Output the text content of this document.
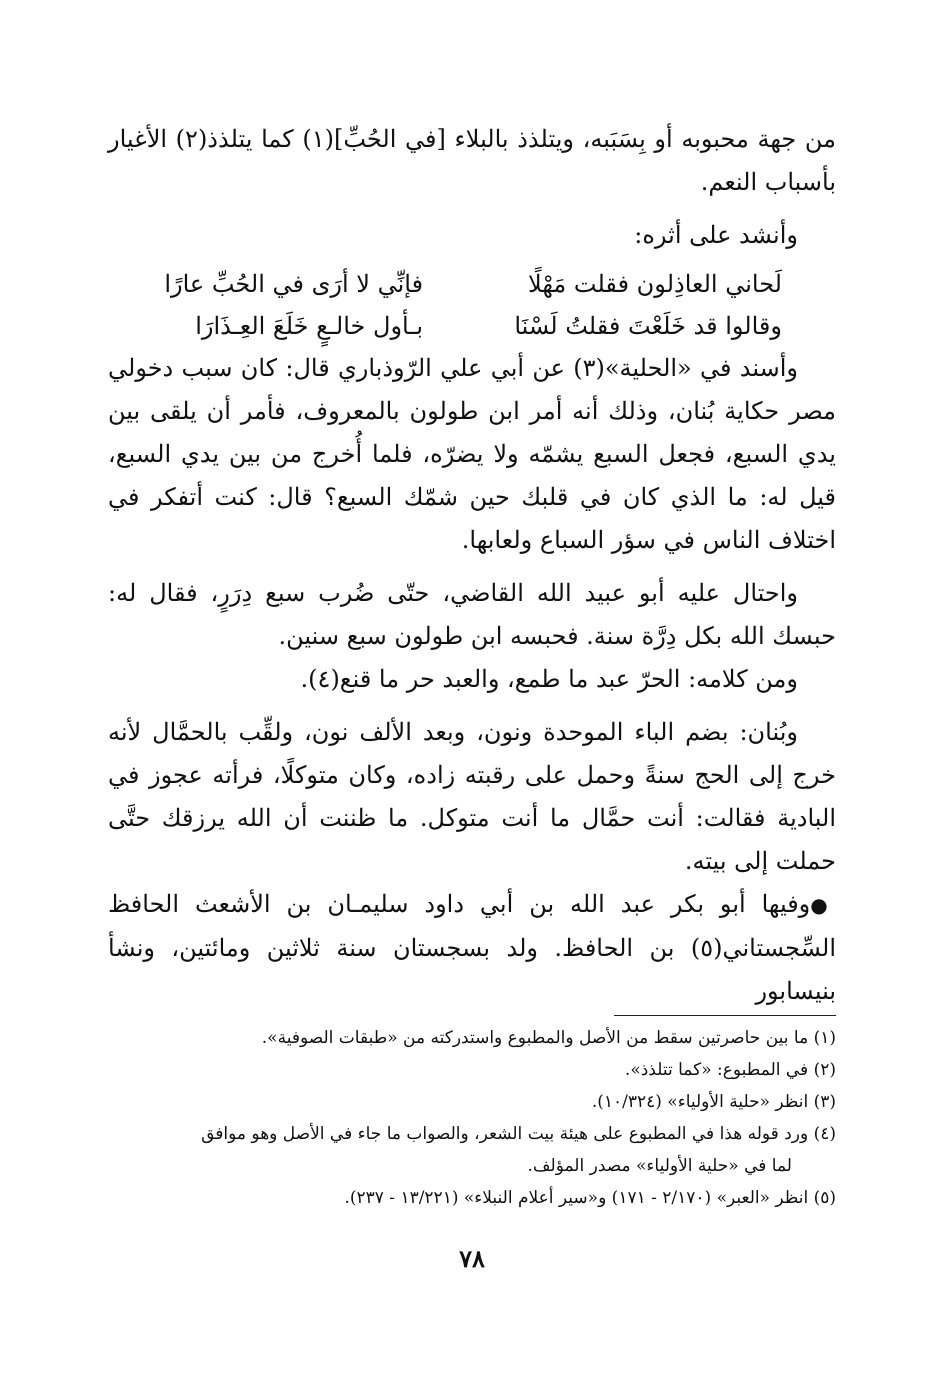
من جهة محبوبه أو بِسَبَبه، ويتلذذ بالبلاء [في الحُبِّ](١) كما يتلذذ(٢) الأغيار بأسباب النعم.

وأنشد على أثره:

لَحاني العاذِلون فقلت مَهْلًا
فإنِّي لا أرَى في الحُبِّ عارًا
وقالوا قد خَلَعْتَ فقلتُ لَسْنَا
بـأول خالـعٍ خَلَعَ العِـذَارَا

وأسند في «الحلية»(٣) عن أبي علي الرّوذباري قال: كان سبب دخولي مصر حكاية بُنان، وذلك أنه أمر ابن طولون بالمعروف، فأمر أن يلقى بين يدي السبع، فجعل السبع يشمّه ولا يضرّه، فلما أُخرج من بين يدي السبع، قيل له: ما الذي كان في قلبك حين شمّك السبع؟ قال: كنت أتفكر في اختلاف الناس في سؤر السباع ولعابها.

واحتال عليه أبو عبيد الله القاضي، حتّى ضُرب سبع دِرَرٍ، فقال له: حبسك الله بكل دِرَّة سنة. فحبسه ابن طولون سبع سنين.

ومن كلامه: الحرّ عبد ما طمع، والعبد حر ما قنع(٤).

وبُنان: بضم الباء الموحدة ونون، وبعد الألف نون، ولقِّب بالحمَّال لأنه خرج إلى الحج سنةً وحمل على رقبته زاده، وكان متوكلًا، فرأته عجوز في البادية فقالت: أنت حمَّال ما أنت متوكل. ما ظننت أن الله يرزقك حتَّى حملت إلى بيته.

●وفيها أبو بكر عبد الله بن أبي داود سليمـان بن الأشعث الحافظ السِّجستاني(٥) بن الحافظ. ولد بسجستان سنة ثلاثين ومائتين، ونشأ بنيسابور

(١) ما بين حاصرتين سقط من الأصل والمطبوع واستدركته من «طبقات الصوفية».

(٢) في المطبوع: «كما تتلذذ».

(٣) انظر «حلية الأولياء» (١٠/٣٢٤).

(٤) ورد قوله هذا في المطبوع على هيئة بيت الشعر، والصواب ما جاء في الأصل وهو موافق

لما في «حلية الأولياء» مصدر المؤلف.

(٥) انظر «العبر» (٢/١٧٠ - ١٧١) و«سير أعلام النبلاء» (١٣/٢٢١ - ٢٣٧).

٧٨
